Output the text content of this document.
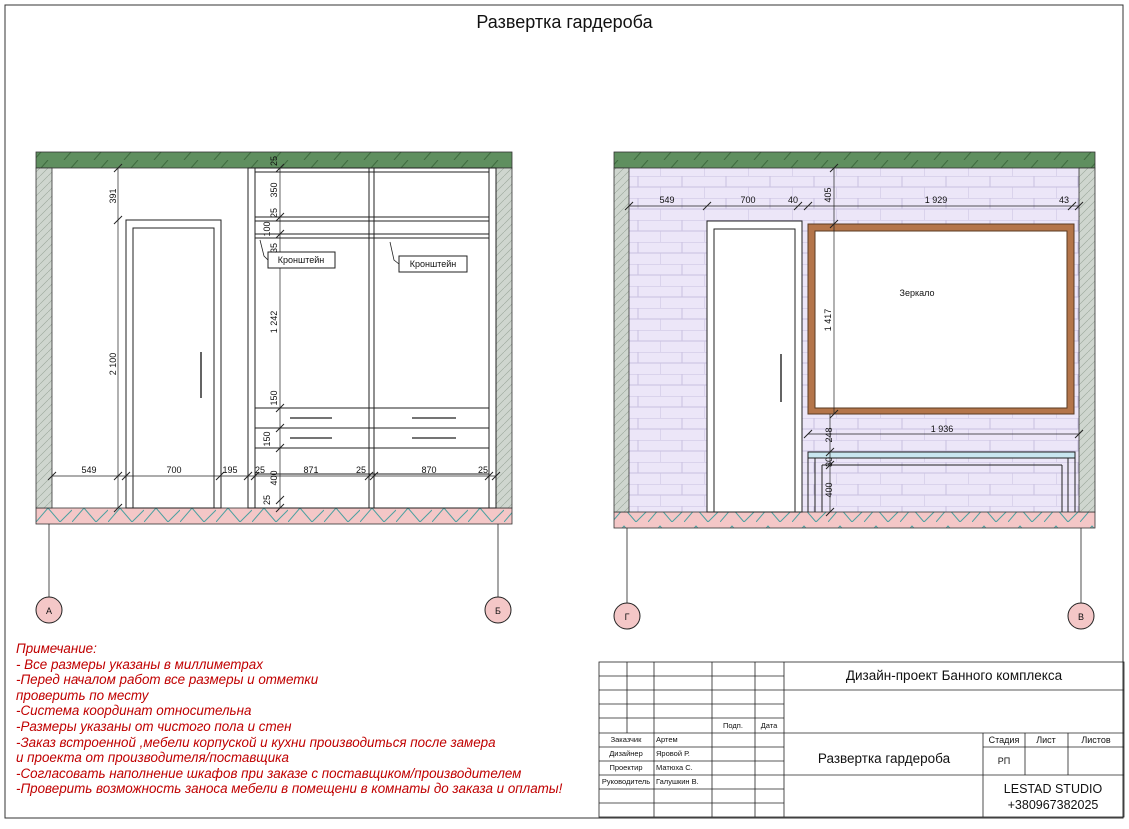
549	700	195 25	871	25	870	25
391
2 100
25
350
25
100
35
1 242
150
150
400
25
Кронштейн	Кронштейн
А	Б
549	700	40	1 929	43
1 936
405
1 417
248
30
400
Зеркало
Г	В
Подп. Дата
Заказчик Артем
Дизайнер Яровой Р.
Проектир Матюха С.
Руководитель Галушкин В.
Дизайн-проект Банного комплекса
Развертка гардероба
Стадия Лист	Листов
РП
LESTAD STUDIO
+380967382025
Развертка гардероба
Примечание:
- Все размеры указаны в миллиметрах
-Перед началом работ все размеры и отметки
проверить по месту
-Система координат относительна
-Размеры указаны от чистого пола и стен
-Заказ встроенной ,мебели корпуской и кухни производиться после замера
и проекта от производителя/поставщика
-Согласовать наполнение шкафов при заказе с поставщиком/производителем
-Проверить возможность заноса мебели в помещени в комнаты до заказа и оплаты!
